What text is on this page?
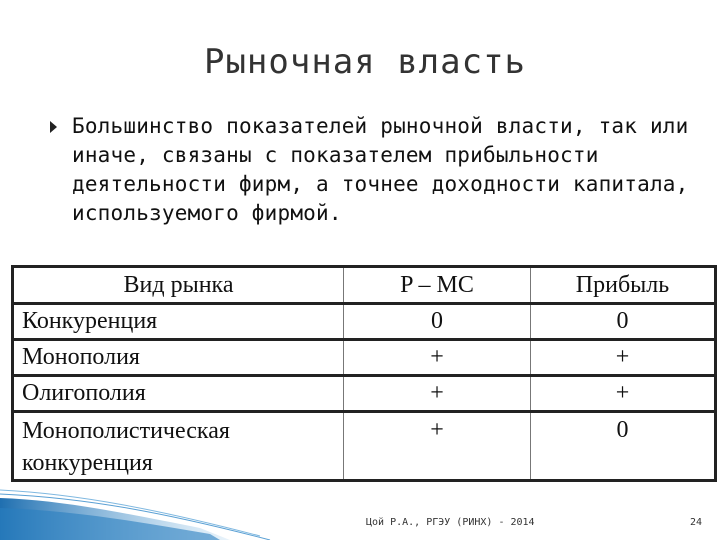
Рыночная власть
Большинство показателей рыночной власти, так или иначе, связаны с показателем прибыльности деятельности фирм, а точнее доходности капитала, используемого фирмой.
Вид рынка	P – MC	Прибыль
Конкуренция	0	0
Монополия	+	+
Олигополия	+	+
Монополистическая конкуренция	+	0
Цой Р.А., РГЭУ (РИНХ) - 2014	24
